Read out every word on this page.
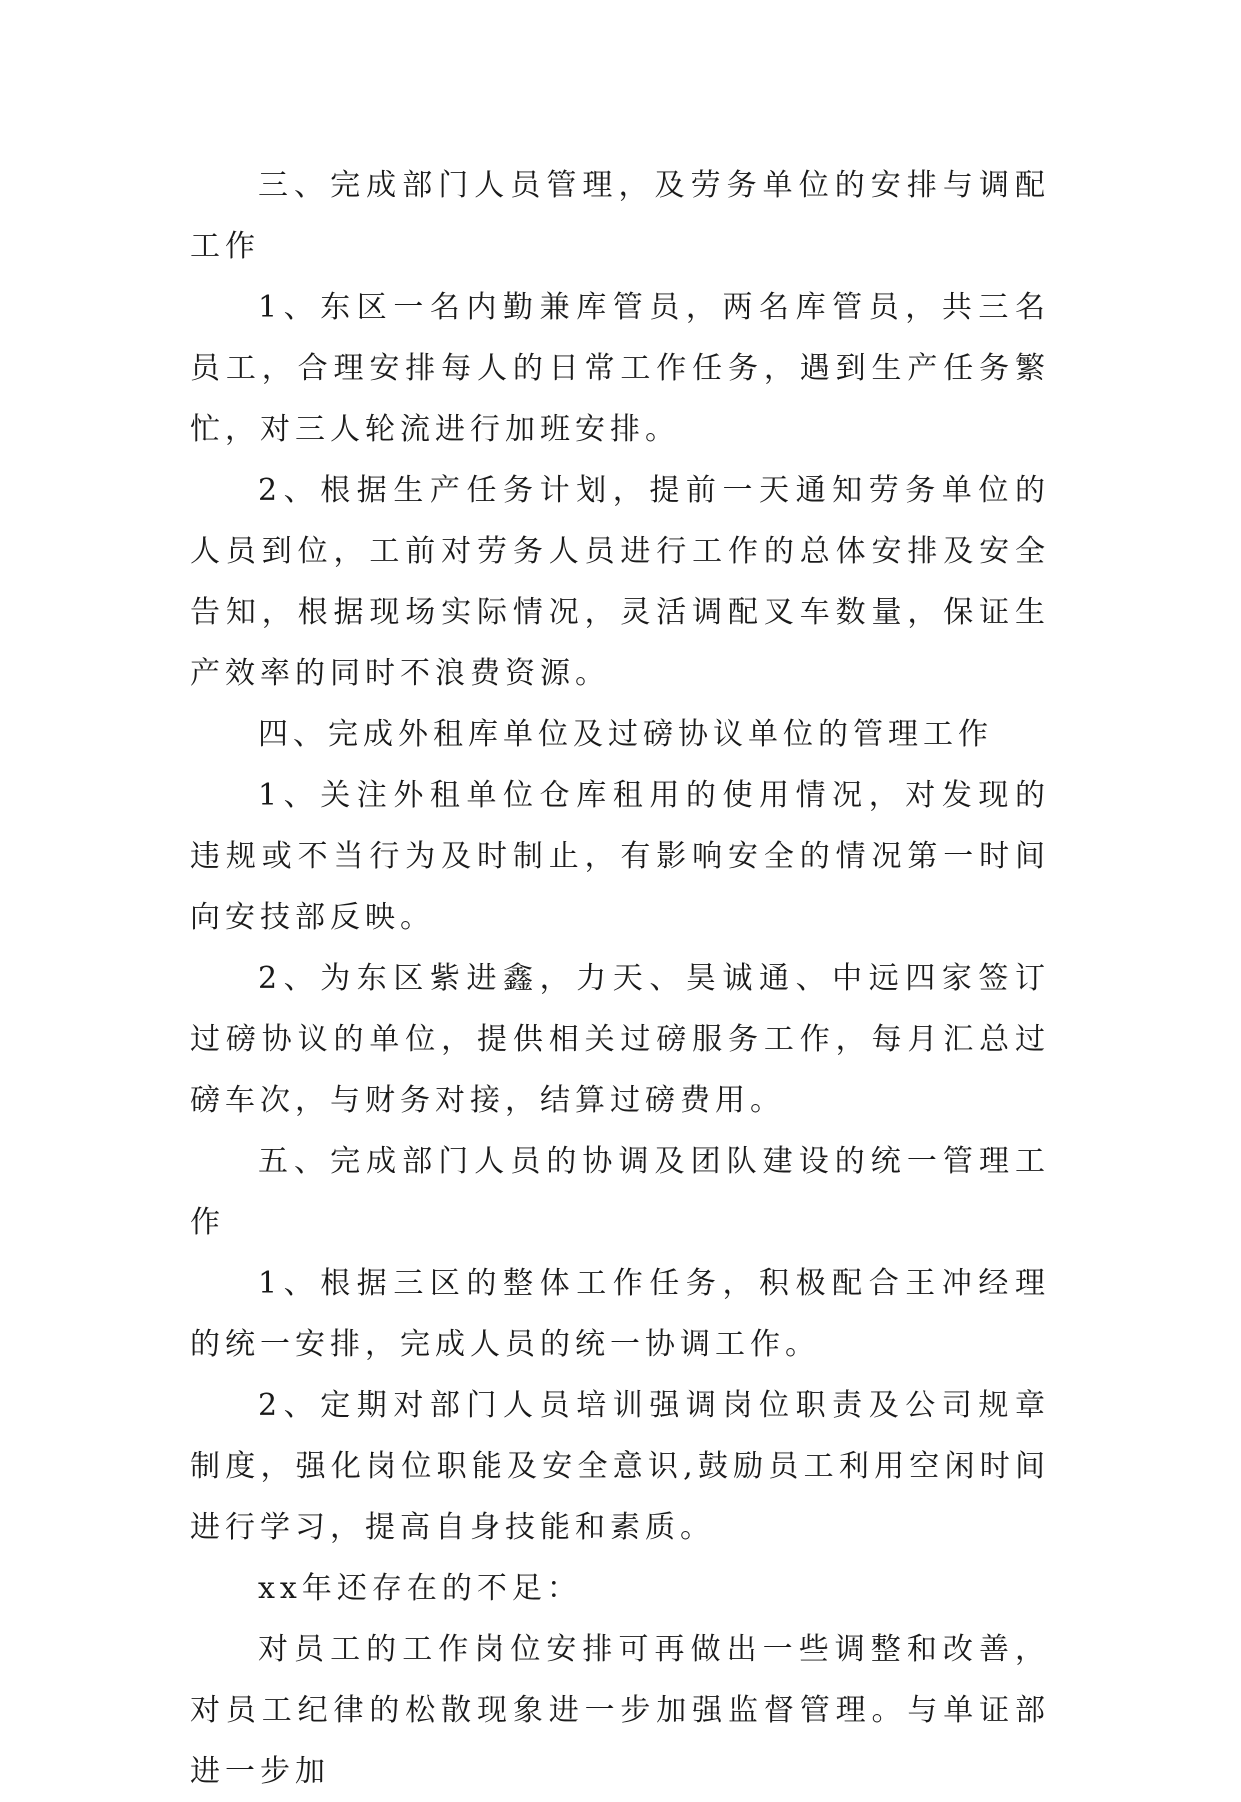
三、完成部门人员管理，及劳务单位的安排与调配工作

1、东区一名内勤兼库管员，两名库管员，共三名员工，合理安排每人的日常工作任务，遇到生产任务繁忙，对三人轮流进行加班安排。

2、根据生产任务计划，提前一天通知劳务单位的人员到位，工前对劳务人员进行工作的总体安排及安全告知，根据现场实际情况，灵活调配叉车数量，保证生产效率的同时不浪费资源。

四、完成外租库单位及过磅协议单位的管理工作

1、关注外租单位仓库租用的使用情况，对发现的违规或不当行为及时制止，有影响安全的情况第一时间向安技部反映。

2、为东区紫进鑫，力天、昊诚通、中远四家签订过磅协议的单位，提供相关过磅服务工作，每月汇总过磅车次，与财务对接，结算过磅费用。

五、完成部门人员的协调及团队建设的统一管理工作

1、根据三区的整体工作任务，积极配合王冲经理的统一安排，完成人员的统一协调工作。

2、定期对部门人员培训强调岗位职责及公司规章制度，强化岗位职能及安全意识,鼓励员工利用空闲时间进行学习，提高自身技能和素质。

xx年还存在的不足：

对员工的工作岗位安排可再做出一些调整和改善，对员工纪律的松散现象进一步加强监督管理。与单证部进一步加
